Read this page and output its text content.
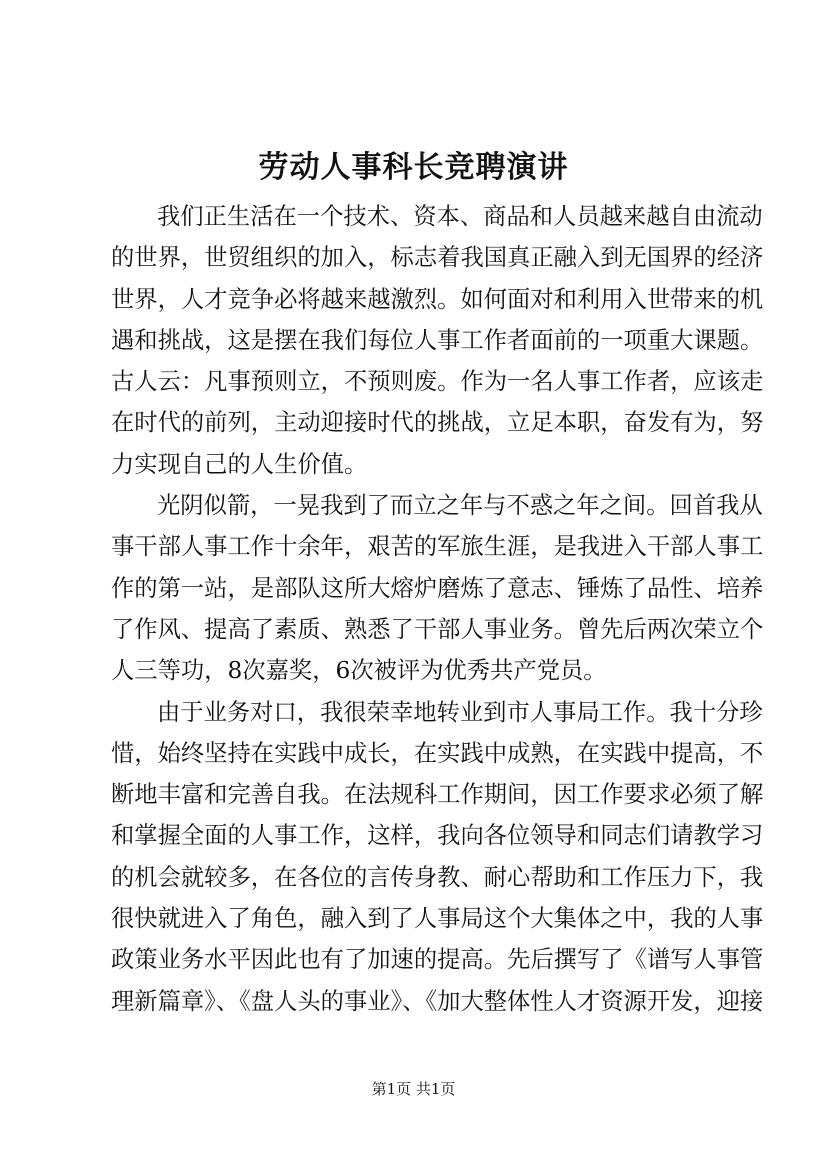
劳动人事科长竞聘演讲
我们正生活在一个技术、资本、商品和人员越来越自由流动
的世界，世贸组织的加入，标志着我国真正融入到无国界的经济
世界，人才竞争必将越来越激烈。如何面对和利用入世带来的机
遇和挑战，这是摆在我们每位人事工作者面前的一项重大课题。
古人云：凡事预则立，不预则废。作为一名人事工作者，应该走
在时代的前列，主动迎接时代的挑战，立足本职，奋发有为，努
力实现自己的人生价值。
光阴似箭，一晃我到了而立之年与不惑之年之间。回首我从
事干部人事工作十余年，艰苦的军旅生涯，是我进入干部人事工
作的第一站，是部队这所大熔炉磨炼了意志、锤炼了品性、培养
了作风、提高了素质、熟悉了干部人事业务。曾先后两次荣立个
人三等功，8次嘉奖，6次被评为优秀共产党员。
由于业务对口，我很荣幸地转业到市人事局工作。我十分珍
惜，始终坚持在实践中成长，在实践中成熟，在实践中提高，不
断地丰富和完善自我。在法规科工作期间，因工作要求必须了解
和掌握全面的人事工作，这样，我向各位领导和同志们请教学习
的机会就较多，在各位的言传身教、耐心帮助和工作压力下，我
很快就进入了角色，融入到了人事局这个大集体之中，我的人事
政策业务水平因此也有了加速的提高。先后撰写了《谱写人事管
理新篇章》、《盘人头的事业》、《加大整体性人才资源开发，迎接
第1页 共1页
